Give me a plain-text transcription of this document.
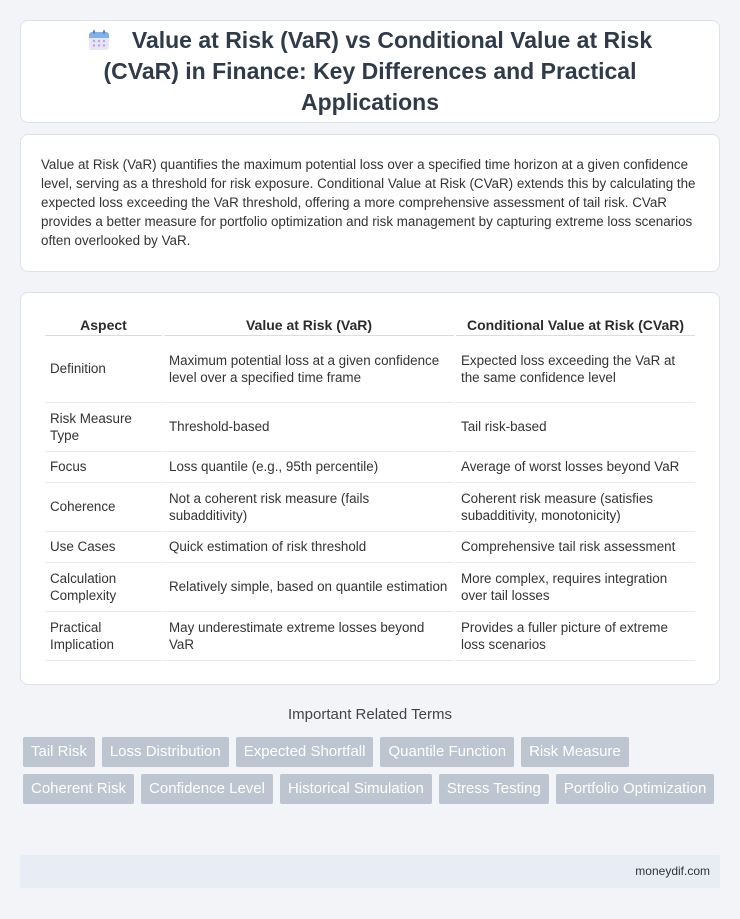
Value at Risk (VaR) vs Conditional Value at Risk (CVaR) in Finance: Key Differences and Practical Applications

Value at Risk (VaR) quantifies the maximum potential loss over a specified time horizon at a given confidence level, serving as a threshold for risk exposure. Conditional Value at Risk (CVaR) extends this by calculating the expected loss exceeding the VaR threshold, offering a more comprehensive assessment of tail risk. CVaR provides a better measure for portfolio optimization and risk management by capturing extreme loss scenarios often overlooked by VaR.

Aspect	Value at Risk (VaR)	Conditional Value at Risk (CVaR)
Definition	Maximum potential loss at a given confidence level over a specified time frame	Expected loss exceeding the VaR at the same confidence level
Risk Measure Type	Threshold-based	Tail risk-based
Focus	Loss quantile (e.g., 95th percentile)	Average of worst losses beyond VaR
Coherence	Not a coherent risk measure (fails subadditivity)	Coherent risk measure (satisfies subadditivity, monotonicity)
Use Cases	Quick estimation of risk threshold	Comprehensive tail risk assessment
Calculation Complexity	Relatively simple, based on quantile estimation	More complex, requires integration over tail losses
Practical Implication	May underestimate extreme losses beyond VaR	Provides a fuller picture of extreme loss scenarios
Important Related Terms
Tail Risk	Loss Distribution	Expected Shortfall	Quantile Function	Risk Measure
Coherent Risk	Confidence Level	Historical Simulation	Stress Testing	Portfolio Optimization
moneydif.com
